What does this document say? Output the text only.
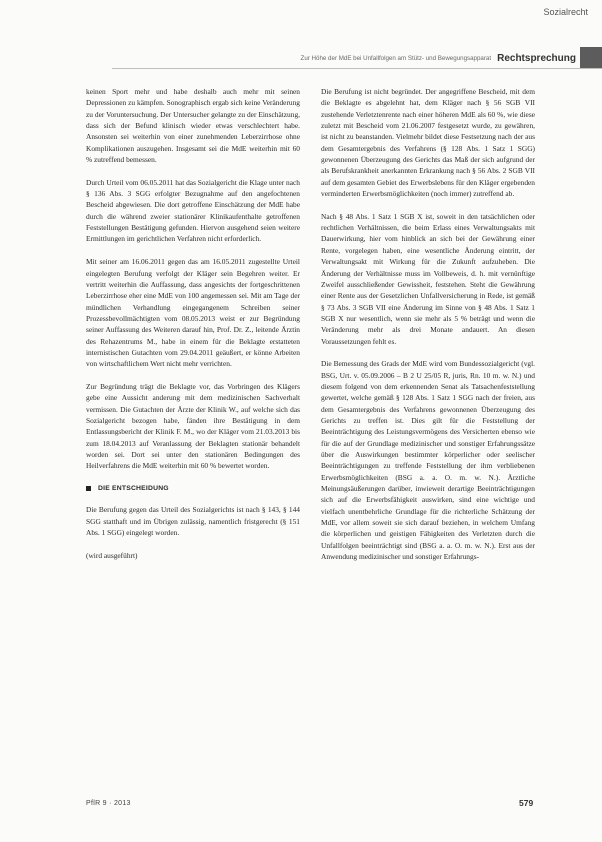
Sozialrecht
Zur Höhe der MdE bei Unfallfolgen am Stütz- und Bewegungsapparat Rechtsprechung

keinen Sport mehr und habe deshalb auch mehr mit seinen Depressionen zu kämpfen. Sonographisch ergab sich keine Veränderung zu der Voruntersuchung. Der Untersucher gelangte zu der Einschätzung, dass sich der Befund klinisch wieder etwas verschlechtert habe. Ansonsten sei weiterhin von einer zunehmenden Leberzirrhose ohne Komplikationen auszugehen. Insgesamt sei die MdE weiterhin mit 60 % zutreffend bemessen.

Durch Urteil vom 06.05.2011 hat das Sozialgericht die Klage unter nach § 136 Abs. 3 SGG erfolgter Bezugnahme auf den angefochtenen Bescheid abgewiesen. Die dort getroffene Einschätzung der MdE habe durch die während zweier stationärer Klinikaufenthalte getroffenen Feststellungen Bestätigung gefunden. Hiervon ausgehend seien weitere Ermittlungen im gerichtlichen Verfahren nicht erforderlich.

Mit seiner am 16.06.2011 gegen das am 16.05.2011 zugestellte Urteil eingelegten Berufung verfolgt der Kläger sein Begehren weiter. Er vertritt weiterhin die Auffassung, dass angesichts der fortgeschrittenen Leberzirrhose eher eine MdE von 100 angemessen sei. Mit am Tage der mündlichen Verhandlung eingegangenem Schreiben seiner Prozessbevollmächtigten vom 08.05.2013 weist er zur Begründung seiner Auffassung des Weiteren darauf hin, Prof. Dr. Z., leitende Ärztin des Rehazentrums M., habe in einem für die Beklagte erstatteten internistischen Gutachten vom 29.04.2011 geäußert, er könne Arbeiten von wirtschaftlichem Wert nicht mehr verrichten.

Zur Begründung trägt die Beklagte vor, das Vorbringen des Klägers gebe eine Aussicht anderung mit dem medizinischen Sachverhalt vermissen. Die Gutachten der Ärzte der Klinik W., auf welche sich das Sozialgericht bezogen habe, fänden ihre Bestätigung in dem Entlassungsbericht der Klinik F. M., wo der Kläger vom 21.03.2013 bis zum 18.04.2013 auf Veranlassung der Beklagten stationär behandelt worden sei. Dort sei unter den stationären Bedingungen des Heilverfahrens die MdE weiterhin mit 60 % bewertet worden.

DIE ENTSCHEIDUNG

Die Berufung gegen das Urteil des Sozialgerichts ist nach § 143, § 144 SGG statthaft und im Übrigen zulässig, namentlich fristgerecht (§ 151 Abs. 1 SGG) eingelegt worden.

(wird ausgeführt)

Die Berufung ist nicht begründet. Der angegriffene Bescheid, mit dem die Beklagte es abgelehnt hat, dem Kläger nach § 56 SGB VII zustehende Verletztenrente nach einer höheren MdE als 60 %, wie diese zuletzt mit Bescheid vom 21.06.2007 festgesetzt wurde, zu gewähren, ist nicht zu beanstanden. Vielmehr bildet diese Festsetzung nach der aus dem Gesamtergebnis des Verfahrens (§ 128 Abs. 1 Satz 1 SGG) gewonnenen Überzeugung des Gerichts das Maß der sich aufgrund der als Berufskrankheit anerkannten Erkrankung nach § 56 Abs. 2 SGB VII auf dem gesamten Gebiet des Erwerbslebens für den Kläger ergebenden verminderten Erwerbsmöglichkeiten (noch immer) zutreffend ab.

Nach § 48 Abs. 1 Satz 1 SGB X ist, soweit in den tatsächlichen oder rechtlichen Verhältnissen, die beim Erlass eines Verwaltungsakts mit Dauerwirkung, hier vom hinblick an sich bei der Gewährung einer Rente, vorgelegen haben, eine wesentliche Änderung eintritt, der Verwaltungsakt mit Wirkung für die Zukunft aufzuheben. Die Änderung der Verhältnisse muss im Vollbeweis, d. h. mit vernünftige Zweifel ausschließender Gewissheit, feststehen. Steht die Gewährung einer Rente aus der Gesetzlichen Unfallversicherung in Rede, ist gemäß § 73 Abs. 3 SGB VII eine Änderung im Sinne von § 48 Abs. 1 Satz 1 SGB X nur wesentlich, wenn sie mehr als 5 % beträgt und wenn die Veränderung mehr als drei Monate andauert. An diesen Voraussetzungen fehlt es.

Die Bemessung des Grads der MdE wird vom Bundessozialgericht (vgl. BSG, Urt. v. 05.09.2006 – B 2 U 25/05 R, juris, Rn. 10 m. w. N.) und diesem folgend von dem erkennenden Senat als Tatsachenfeststellung gewertet, welche gemäß § 128 Abs. 1 Satz 1 SGG nach der freien, aus dem Gesamtergebnis des Verfahrens gewonnenen Überzeugung des Gerichts zu treffen ist. Dies gilt für die Feststellung der Beeinträchtigung des Leistungsvermögens des Versicherten ebenso wie für die auf der Grundlage medizinischer und sonstiger Erfahrungssätze über die Auswirkungen bestimmter körperlicher oder seelischer Beeinträchtigungen zu treffende Feststellung der ihm verbliebenen Erwerbsmöglichkeiten (BSG a. a. O. m. w. N.). Ärztliche Meinungsäußerungen darüber, inwieweit derartige Beeinträchtigungen sich auf die Erwerbsfähigkeit auswirken, sind eine wichtige und vielfach unentbehrliche Grundlage für die richterliche Schätzung der MdE, vor allem soweit sie sich darauf beziehen, in welchem Umfang die körperlichen und geistigen Fähigkeiten des Verletzten durch die Unfallfolgen beeinträchtigt sind (BSG a. a. O. m. w. N.). Erst aus der Anwendung medizinischer und sonstiger Erfahrungs-

PflR 9 · 2013	579
